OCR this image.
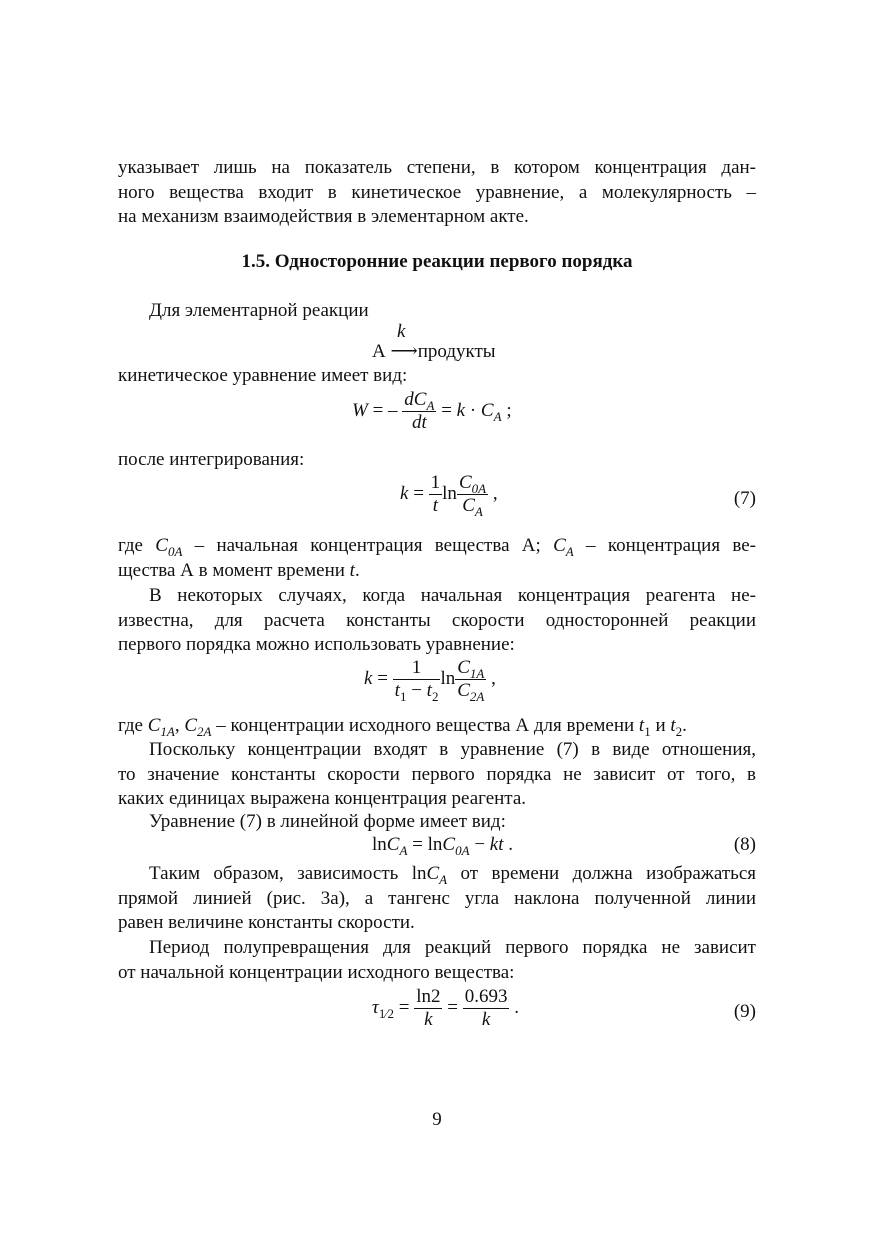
указывает лишь на показатель степени, в котором концентрация дан-
ного вещества входит в кинетическое уравнение, а молекулярность –
на механизм взаимодействия в элементарном акте.
1.5. Односторонние реакции первого порядка
Для элементарной реакции
k
А ⟶продукты
кинетическое уравнение имеет вид:
W = – $\frac{dC_A}{dt} = k \cdot C_A$ ;
после интегрирования:
$k = \frac{1}{t}$ $\ln \frac{C_{0A}}{C_A}$ ,	(7)
где $C_{0A}$ – начальная концентрация вещества А; $C_A$ – концентрация ве-
щества А в момент времени t.
В некоторых случаях, когда начальная концентрация реагента не-
известна, для расчета константы скорости односторонней реакции
первого порядка можно использовать уравнение:
$k = \frac{1}{t_1 - t_2}$ $\ln \frac{C_{1A}}{C_{2A}}$ ,
где $C_{1A}$, $C_{2A}$ – концентрации исходного вещества А для времени $t_1$ и $t_2$.
Поскольку концентрации входят в уравнение (7) в виде отношения,
то значение константы скорости первого порядка не зависит от того, в
каких единицах выражена концентрация реагента.
Уравнение (7) в линейной форме имеет вид:
lnC$_A$ = lnC$_{0A}$ − kt .	(8)
Таким образом, зависимость lnC$_A$ от времени должна изображаться
прямой линией (рис. 3а), а тангенс угла наклона полученной линии
равен величине константы скорости.
Период полупревращения для реакций первого порядка не зависит
от начальной концентрации исходного вещества:
$\tau_{1⁄2} = \frac{\ln 2}{k} = \frac{0.693}{k}$ .	(9)
9
